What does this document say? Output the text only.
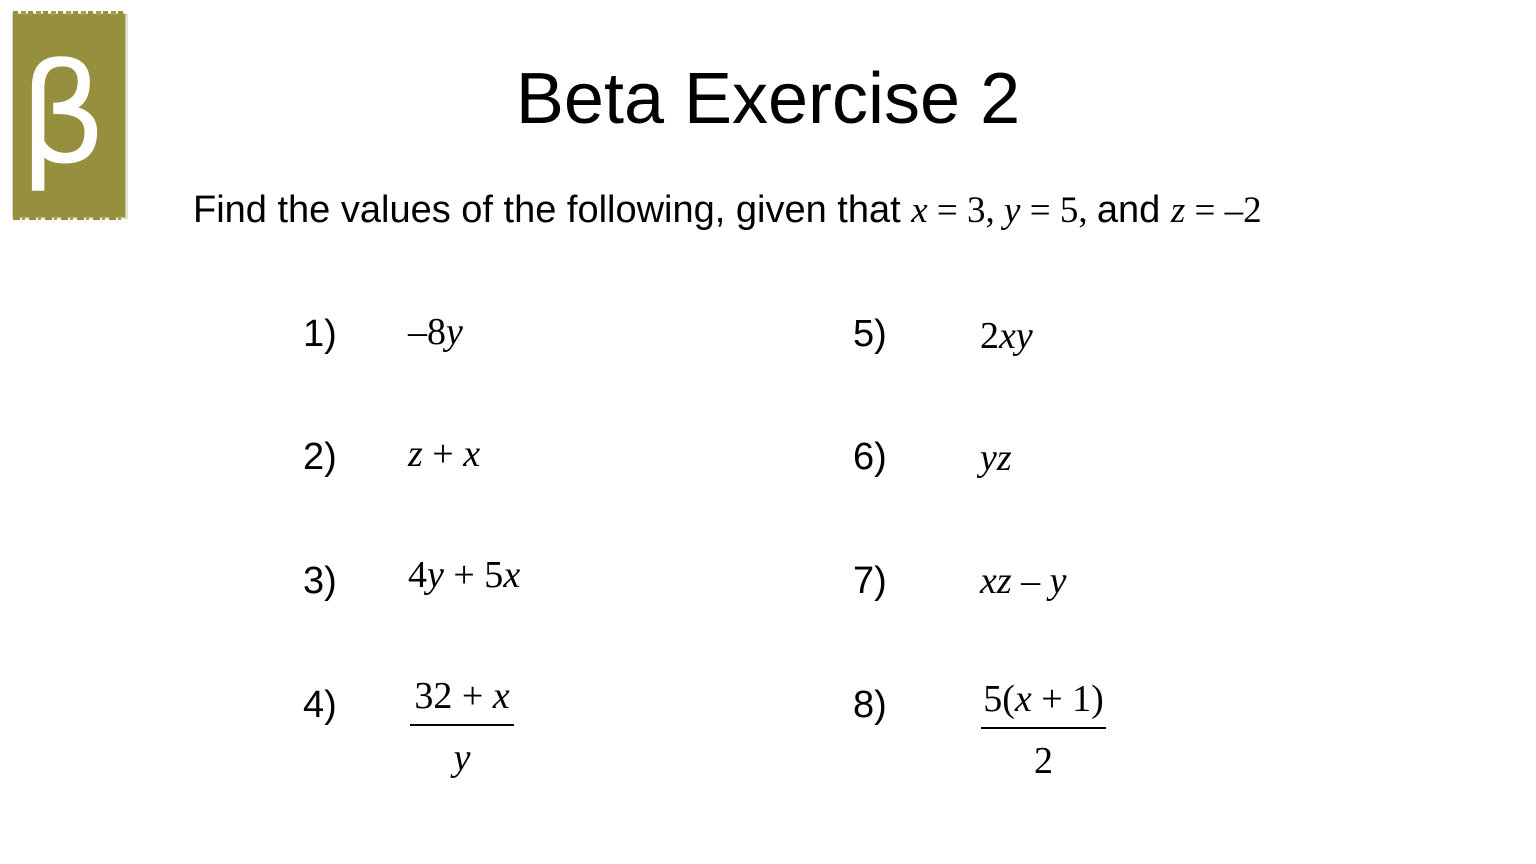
β	Beta Exercise 2
Find the values of the following, given that x = 3, y = 5, and z = –2
1) –8y
2) z + x
3) 4y + 5x
4) 32 + x
y
5) 2xy
6) yz
7) xz – y
8)	5(x + 1)
2
